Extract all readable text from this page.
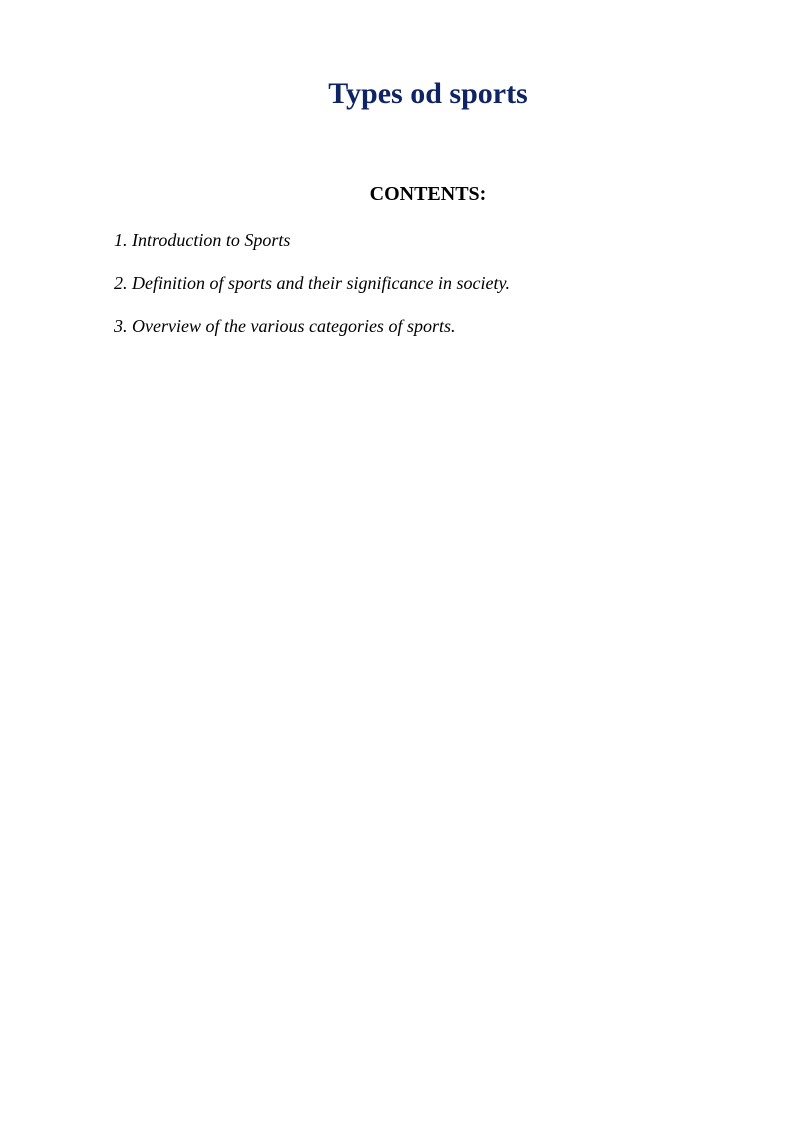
Types od sports
CONTENTS:
1. Introduction to Sports
2. Definition of sports and their significance in society.
3. Overview of the various categories of sports.
